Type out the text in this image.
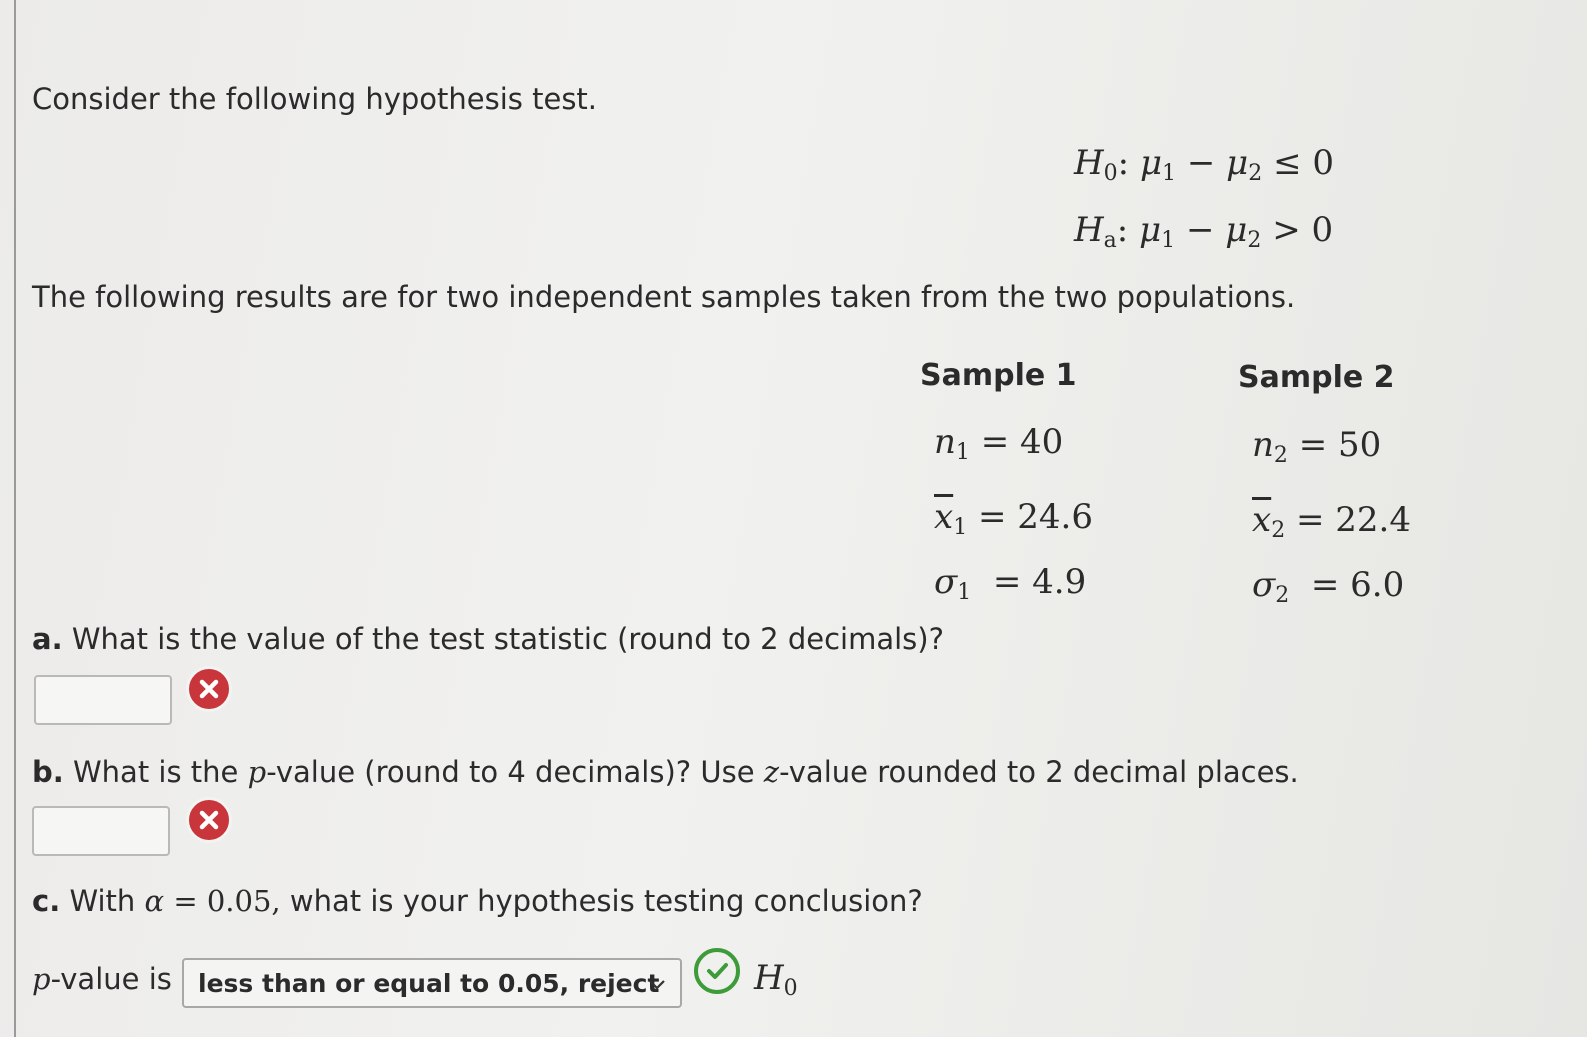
Consider the following hypothesis test.
$H_0$: $\mu_1 - \mu_2 \le 0$
$H_a$: $\mu_1 - \mu_2 > 0$
The following results are for two independent samples taken from the two populations.
Sample 1	Sample 2
$n_1 = 40$	$n_2 = 50$
$\overline{x}_1 = 24.6$	$\overline{x}_2 = 22.4$
$\sigma_1 = 4.9$	$\sigma_2 = 6.0$
a. What is the value of the test statistic (round to 2 decimals)?
b. What is the p-value (round to 4 decimals)? Use z-value rounded to 2 decimal places.
c. With α = 0.05, what is your hypothesis testing conclusion?
p-value is less than or equal to 0.05, reject	$H_0$
